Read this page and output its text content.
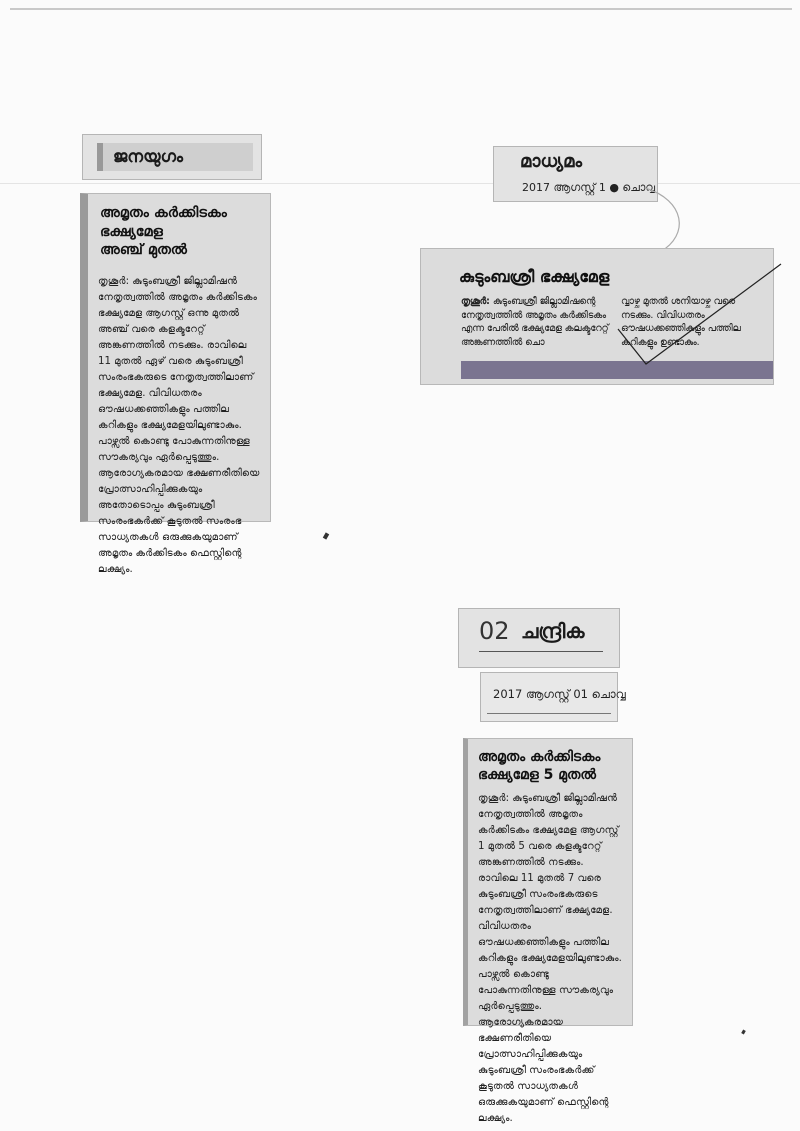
ജനയുഗം
അമൃതം കർക്കിടകം
ഭക്ഷ്യമേള
അഞ്ച് മുതൽ
തൃശൂർ: കുടുംബശ്രീ ജില്ലാമിഷൻ നേതൃത്വത്തിൽ അമൃതം കർക്കിടകം ഭക്ഷ്യമേള ആഗസ്റ്റ് ഒന്നു മുതൽ അഞ്ച് വരെ കളക്ടറേറ്റ് അങ്കണത്തിൽ നടക്കും. രാവിലെ 11 മുതൽ ഏഴ് വരെ കുടുംബശ്രീ സംരംഭകരുടെ നേതൃത്വത്തിലാണ് ഭക്ഷ്യമേള. വിവിധതരം ഔഷധക്കഞ്ഞികളും പത്തില കറികളും ഭക്ഷ്യമേളയിലുണ്ടാകും. പാഴ്സൽ കൊണ്ടു പോകുന്നതിനുള്ള സൗകര്യവും ഏർപ്പെടുത്തും. ആരോഗ്യകരമായ ഭക്ഷണരീതിയെ പ്രോത്സാഹിപ്പിക്കുകയും അതോടൊപ്പം കുടുംബശ്രീ സംരംഭകർക്ക് കൂടുതൽ സംരംഭ സാധ്യതകൾ ഒരുക്കുകയുമാണ് അമൃതം കർക്കിടകം ഫെസ്റ്റിന്റെ ലക്ഷ്യം.
മാധ്യമം
2017 ആഗസ്റ്റ് 1 ● ചൊവ്വ
കുടുംബശ്രീ ഭക്ഷ്യമേള
തൃശൂർ: കുടുംബശ്രീ ജില്ലാമിഷന്റെ നേതൃത്വത്തിൽ അമൃതം കർക്കിടകം എന്ന പേരിൽ ഭക്ഷ്യമേള കലക്ടറേറ്റ് അങ്കണത്തിൽ ചൊ
വ്വാഴ്ച മുതൽ ശനിയാഴ്ച വരെ നടക്കും. വിവിധതരം ഔഷധക്കഞ്ഞികളും പത്തില കറികളും ഉണ്ടാകും.
02 ചന്ദ്രിക
2017 ആഗസ്റ്റ് 01 ചൊവ്വ
അമൃതം കർക്കിടകം
ഭക്ഷ്യമേള 5 മുതൽ
തൃശൂർ: കുടുംബശ്രീ ജില്ലാമിഷൻ നേതൃത്വത്തിൽ അമൃതം കർക്കിടകം ഭക്ഷ്യമേള ആഗസ്റ്റ് 1 മുതൽ 5 വരെ കളക്ടറേറ്റ് അങ്കണത്തിൽ നടക്കും. രാവിലെ 11 മുതൽ 7 വരെ കുടുംബശ്രീ സംരംഭകരുടെ നേതൃത്വത്തിലാണ് ഭക്ഷ്യമേള. വിവിധതരം ഔഷധക്കഞ്ഞികളും പത്തില കറികളും ഭക്ഷ്യമേളയിലുണ്ടാകും. പാഴ്സൽ കൊണ്ടു പോകുന്നതിനുള്ള സൗകര്യവും ഏർപ്പെടുത്തും. ആരോഗ്യകരമായ ഭക്ഷണരീതിയെ പ്രോത്സാഹിപ്പിക്കുകയും കുടുംബശ്രീ സംരംഭകർക്ക് കൂടുതൽ സാധ്യതകൾ ഒരുക്കുകയുമാണ് ഫെസ്റ്റിന്റെ ലക്ഷ്യം.
